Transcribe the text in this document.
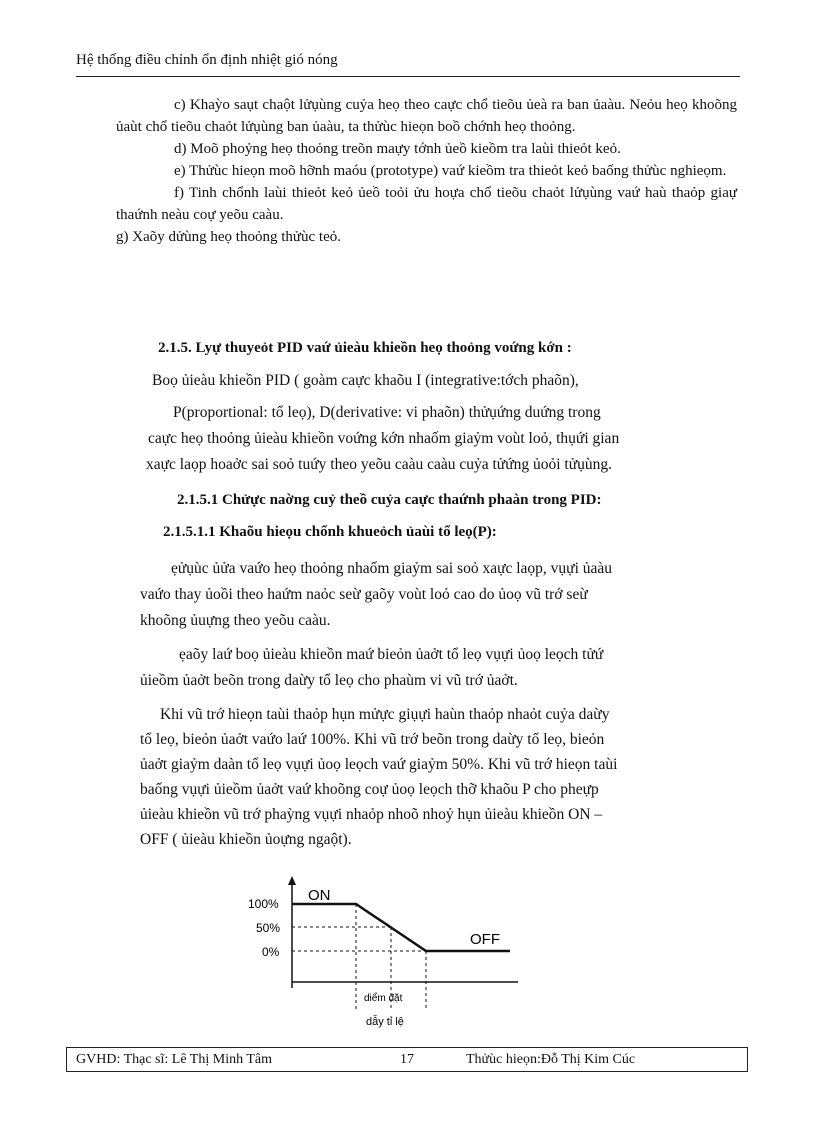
Hệ thống điều chỉnh ổn định nhiệt gió nóng

c) Khaỳo saụt chaột lửụùng cuỷa heọ theo caực chổ tieõu ủeà ra ban ủaàu. Neỏu heọ khoõng ủaùt chổ tieõu chaỏt lửụùng ban ủaàu, ta thửùc hieọn boồ chớnh heọ thoỏng.

d) Moõ phoỷng heọ thoỏng treõn maựy tớnh ủeồ kieồm tra laùi thieỏt keỏ.

e) Thửùc hieọn moõ hỡnh maóu (prototype) vaứ kieồm tra thieỏt keỏ baống thửùc nghieọm.

f) Tinh chổnh laùi thieỏt keỏ ủeồ toỏi ửu hoựa chổ tieõu chaỏt lửụùng vaứ haù thaỏp giaự thaứnh neàu coự yeõu caàu.

g) Xaõy dửùng heọ thoỏng thửùc teỏ.

2.1.5. Lyự thuyeỏt PID vaứ ủieàu khieồn heọ thoỏng voứng kớn :
Boọ ủieàu khieồn PID ( goàm caực khaõu I (integrative:tớch phaõn),
P(proportional: tổ leọ), D(derivative: vi phaõn) thửụứng duứng trong
caực heọ thoỏng ủieàu khieồn voứng kớn nhaốm giaỷm voùt loỏ, thụứi gian
xaực laọp hoaởc sai soỏ tuứy theo yeõu caàu caàu cuỷa tửứng ủoỏi tửụùng.
2.1.5.1 Chửực naờng cuỷ theồ cuỷa caực thaứnh phaàn trong PID:
2.1.5.1.1 Khaõu hieọu chổnh khueỏch ủaùi tổ leọ(P):
ẹửụùc ủửa vaứo heọ thoỏng nhaốm giaỷm sai soỏ xaực laọp, vụựi ủaàu
vaứo thay ủoồi theo haứm naỏc seừ gaõy voùt loỏ cao do ủoọ vũ trớ seừ
khoõng ủuựng theo yeõu caàu.
ẹaõy laứ boọ ủieàu khieồn maứ bieỏn ủaởt tổ leọ vụựi ủoọ leọch tửứ
ủieồm ủaởt beõn trong daừy tổ leọ cho phaùm vi vũ trớ ủaởt.
Khi vũ trớ hieọn taùi thaỏp hụn mửực giụựi haùn thaỏp nhaỏt cuỷa daừy
tổ leọ, bieỏn ủaởt vaứo laứ 100%. Khi vũ trớ beõn trong daừy tổ leọ, bieỏn
ủaởt giaỷm daàn tổ leọ vụựi ủoọ leọch vaứ giaỷm 50%. Khi vũ trớ hieọn taùi
baống vụựi ủieồm ủaởt vaứ khoõng coự ủoọ leọch thỡ khaõu P cho pheựp
ủieàu khieồn vũ trớ phaỳng vụựi nhaỏp nhoõ nhoỷ hụn ủieàu khieồn ON –
OFF ( ủieàu khieồn ủoựng ngaột).
100%
50%
0%
ON
OFF
diểm đặt
dẫy tỉ lệ
GVHD: Thạc sĩ: Lê Thị Minh Tâm	17	Thửùc hieọn:Đỗ Thị Kim Cúc
